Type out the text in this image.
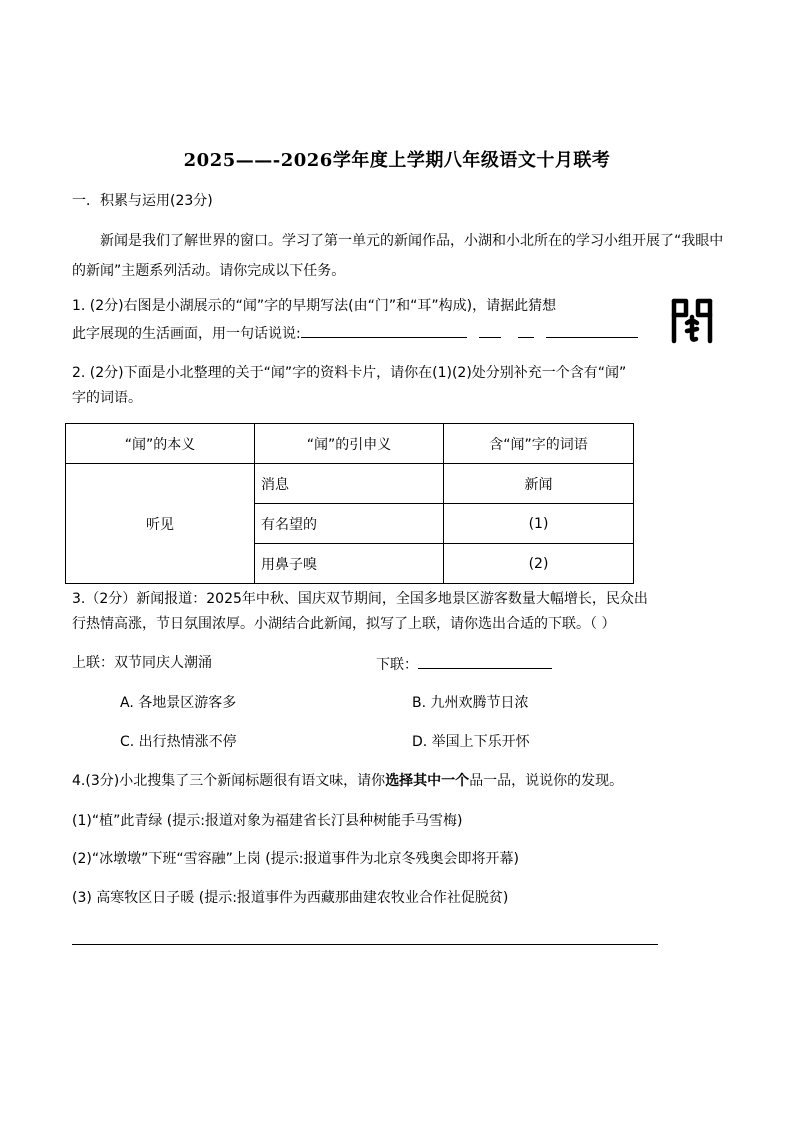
2025——-2026学年度上学期八年级语文十月联考
一．积累与运用(23分)
新闻是我们了解世界的窗口。学习了第一单元的新闻作品，小湖和小北所在的学习小组开展了“我眼中的新闻”主题系列活动。请你完成以下任务。
1. (2分)右图是小湖展示的“闻”字的早期写法(由“门”和“耳”构成)，请据此猜想
此字展现的生活画面，用一句话说说:
2. (2分)下面是小北整理的关于“闻”字的资料卡片，请你在(1)(2)处分别补充一个含有“闻”
字的词语。
“闻”的本义	“闻”的引申义	含“闻”字的词语
听见	消息	新闻
	有名望的	(1)
	用鼻子嗅	(2)
3.（2分）新闻报道：2025年中秋、国庆双节期间，全国多地景区游客数量大幅增长，民众出
行热情高涨，节日氛围浓厚。小湖结合此新闻，拟写了上联，请你选出合适的下联。（ ）
上联：双节同庆人潮涌	下联：
A. 各地景区游客多	B. 九州欢腾节日浓
C. 出行热情涨不停	D. 举国上下乐开怀
4.(3分)小北搜集了三个新闻标题很有语文味，请你选择其中一个品一品，说说你的发现。
(1)“植”此青绿 (提示:报道对象为福建省长汀县种树能手马雪梅)
(2)“冰墩墩”下班“雪容融”上岗 (提示:报道事件为北京冬残奥会即将开幕)
(3) 高寒牧区日子暖 (提示:报道事件为西藏那曲建农牧业合作社促脱贫)
